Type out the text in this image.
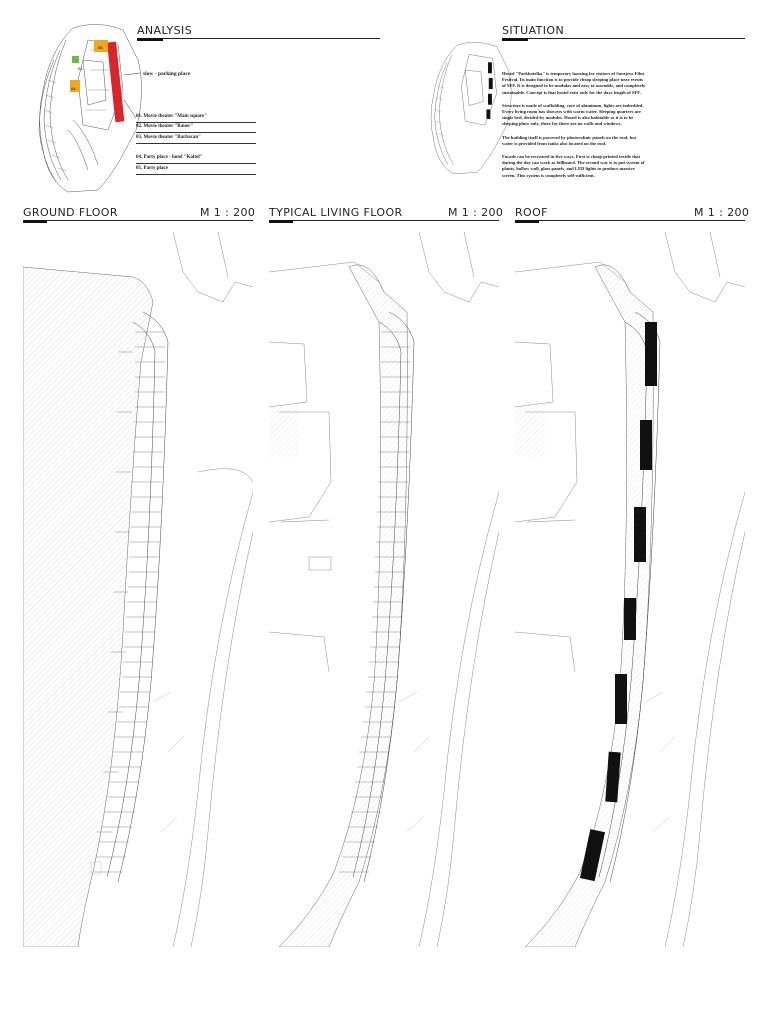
05.
01.
04.
ANALYSIS
slow - parking place
01. Movie theater "Main square"
02. Movie theater "Bauer"
03. Movie theater "Barbacan"
04. Party place - hotel "Kaltef"
05. Party place
SITUATION

Hostel "Parkhotelka" is temporary housing for visitors of Sarajevo Film Festival. Its main function is to provide cheap sleeping place near events of SFF. It is designed to be modular and easy to assemble, and completely sustainable. Concept is that hostel exist only for the days length of SFF.

Structure is made of scaffolding, core of aluminum, lights are imbedded. Every living room has showers with warm water. Sleeping quarters are single bed, divided by modules. Hostel is also habitable as it is to be sleeping place only, there for there are no walls and windows.

The building itself is powered by photovoltaic panels on the roof, hot water is provided from tanks also located on the roof.

Facade can be recreated in five ways. First is cheap printed textile that during the day can work as billboard. The second way is to put system of plants, hollow wall, glass panels, and LED lights to produce massive screen. This system is completely self-sufficient.

GROUND FLOOR	M 1 : 200 TYPICAL LIVING FLOOR	M 1 : 200 ROOF	M 1 : 200
